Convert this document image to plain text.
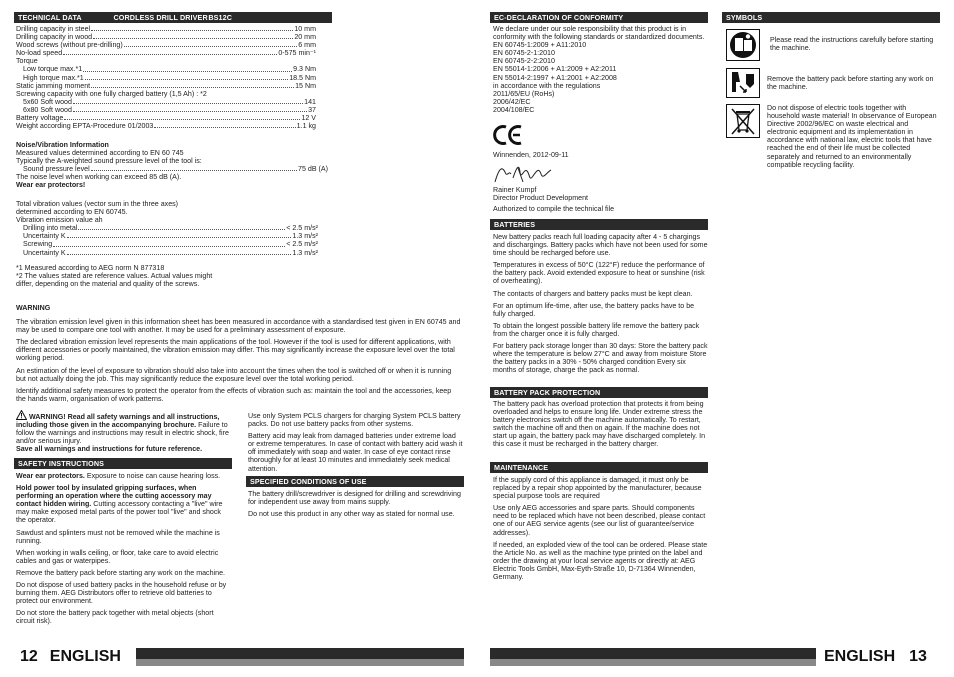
TECHNICAL DATA	CORDLESS DRILL DRIVER BS12C
Drilling capacity in steel	10 mm
Drilling capacity in wood	20 mm
Wood screws (without pre-drilling)	6 mm
No-load speed	0-575 min⁻¹
Torque
Low torque max.*1	9.3 Nm
High torque max.*1	18.5 Nm
Static jamming moment	15 Nm
Screwing capacity with one fully charged battery (1,5 Ah) : *2
5x60 Soft wood	141
6x80 Soft wood	37
Battery voltage	12 V
Weight according EPTA-Procedure 01/2003	1.1 kg
Noise/Vibration Information
Measured values determined according to EN 60 745
Typically the A-weighted sound pressure level of the tool is:
Sound pressure level	75 dB (A)
The noise level when working can exceed 85 dB (A).
Wear ear protectors!
Total vibration values (vector sum in the three axes)
determined according to EN 60745.
Vibration emission value ah
Drilling into metal	< 2.5 m/s²
Uncertainty K	1.3 m/s²
Screwing	< 2.5 m/s²
Uncertainty K	1.3 m/s²
*1 Measured according to AEG norm N 877318
*2 The values stated are reference values. Actual values might differ, depending on the material and quality of the screws.
WARNING
The vibration emission level given in this information sheet has been measured in accordance with a standardised test given in EN 60745 and may be used to compare one tool with another. It may be used for a preliminary assessment of exposure.
The declared vibration emission level represents the main applications of the tool. However if the tool is used for different applications, with different accessories or poorly maintained, the vibration emission may differ. This may significantly increase the exposure level over the total working period.
An estimation of the level of exposure to vibration should also take into account the times when the tool is switched off or when it is running but not actually doing the job. This may significantly reduce the exposure level over the total working period.
Identify additional safety measures to protect the operator from the effects of vibration such as: maintain the tool and the accessories, keep the hands warm, organisation of work patterns.
WARNING! Read all safety warnings and all instructions, including those given in the accompanying brochure. Failure to follow the warnings and instructions may result in electric shock, fire and/or serious injury.
Save all warnings and instructions for future reference.
SAFETY INSTRUCTIONS
Wear ear protectors. Exposure to noise can cause hearing loss.
Hold power tool by insulated gripping surfaces, when performing an operation where the cutting accessory may contact hidden wiring. Cutting accessory contacting a "live" wire may make exposed metal parts of the power tool "live" and shock the operator.
Sawdust and splinters must not be removed while the machine is running.
When working in walls ceiling, or floor, take care to avoid electric cables and gas or waterpipes.
Remove the battery pack before starting any work on the machine.
Do not dispose of used battery packs in the household refuse or by burning them. AEG Distributors offer to retrieve old batteries to protect our environment.
Do not store the battery pack together with metal objects (short circuit risk).
Use only System PCLS chargers for charging System PCLS battery packs. Do not use battery packs from other systems.
Battery acid may leak from damaged batteries under extreme load or extreme temperatures. In case of contact with battery acid wash it off immediately with soap and water. In case of eye contact rinse thoroughly for at least 10 minutes and immediately seek medical attention.
SPECIFIED CONDITIONS OF USE
The battery drill/screwdriver is designed for drilling and screwdriving for independent use away from mains supply.
Do not use this product in any other way as stated for normal use.
12 ENGLISH
EC-DECLARATION OF CONFORMITY
We declare under our sole responsibility that this product is in conformity with the following standards or standardized documents.
EN 60745-1:2009 + A11:2010
EN 60745-2-1:2010
EN 60745-2-2:2010
EN 55014-1:2006 + A1:2009 + A2:2011
EN 55014-2:1997 + A1:2001 + A2:2008
in accordance with the regulations
2011/65/EU (RoHs)
2006/42/EC
2004/108/EC
Winnenden, 2012-09-11
Rainer Kumpf
Director Product Development
Authorized to compile the technical file
BATTERIES
New battery packs reach full loading capacity after 4 - 5 chargings and dischargings. Battery packs which have not been used for some time should be recharged before use.
Temperatures in excess of 50°C (122°F) reduce the performance of the battery pack. Avoid extended exposure to heat or sunshine (risk of overheating).
The contacts of chargers and battery packs must be kept clean.
For an optimum life-time, after use, the battery packs have to be fully charged.
To obtain the longest possible battery life remove the battery pack from the charger once it is fully charged.
For battery pack storage longer than 30 days: Store the battery pack where the temperature is below 27°C and away from moisture Store the battery packs in a 30% - 50% charged condition Every six months of storage, charge the pack as normal.
BATTERY PACK PROTECTION
The battery pack has overload protection that protects it from being overloaded and helps to ensure long life. Under extreme stress the battery electronics switch off the machine automatically. To restart, switch the machine off and then on again. If the machine does not start up again, the battery pack may have discharged completely. In this case it must be recharged in the battery charger.
MAINTENANCE
If the supply cord of this appliance is damaged, it must only be replaced by a repair shop appointed by the manufacturer, because special purpose tools are required
Use only AEG accessories and spare parts. Should components need to be replaced which have not been described, please contact one of our AEG service agents (see our list of guarantee/service addresses).
If needed, an exploded view of the tool can be ordered. Please state the Article No. as well as the machine type printed on the label and order the drawing at your local service agents or directly at: AEG Electric Tools GmbH, Max-Eyth-Straße 10, D-71364 Winnenden, Germany.
SYMBOLS
Please read the instructions carefully before starting the machine.
Remove the battery pack before starting any work on the machine.
Do not dispose of electric tools together with household waste material! In observance of European Directive 2002/96/EC on waste electrical and electronic equipment and its implementation in accordance with national law, electric tools that have reached the end of their life must be collected separately and returned to an environmentally compatible recycling facility.
ENGLISH 13
